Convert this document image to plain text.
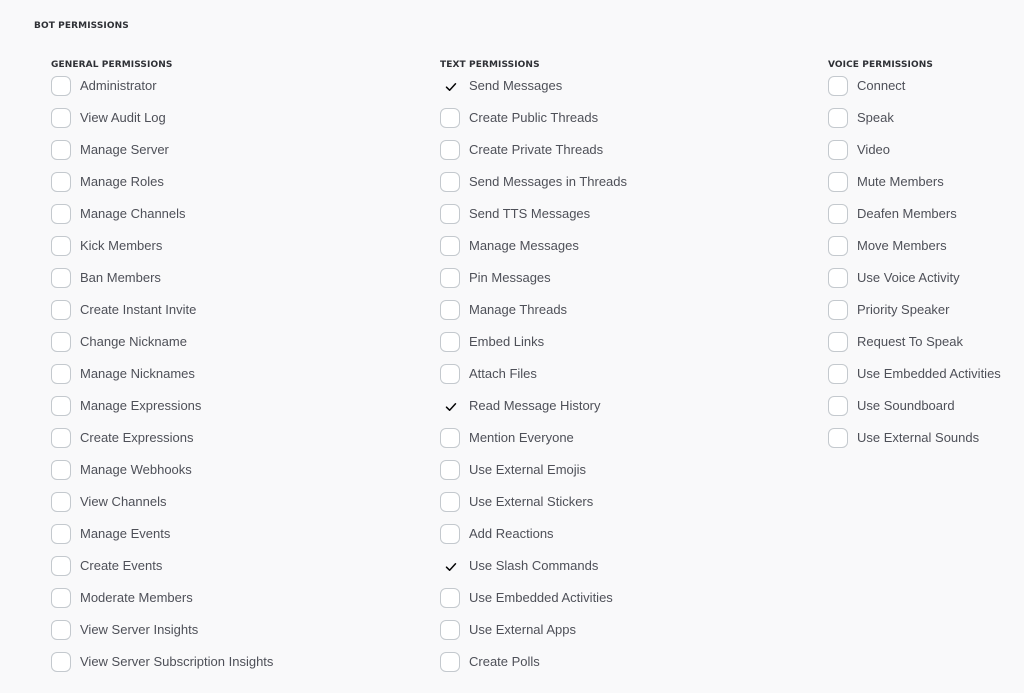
BOT PERMISSIONS
GENERAL PERMISSIONS
Administrator
View Audit Log
Manage Server
Manage Roles
Manage Channels
Kick Members
Ban Members
Create Instant Invite
Change Nickname
Manage Nicknames
Manage Expressions
Create Expressions
Manage Webhooks
View Channels
Manage Events
Create Events
Moderate Members
View Server Insights
View Server Subscription Insights
TEXT PERMISSIONS
Send Messages
Create Public Threads
Create Private Threads
Send Messages in Threads
Send TTS Messages
Manage Messages
Pin Messages
Manage Threads
Embed Links
Attach Files
Read Message History
Mention Everyone
Use External Emojis
Use External Stickers
Add Reactions
Use Slash Commands
Use Embedded Activities
Use External Apps
Create Polls
VOICE PERMISSIONS
Connect
Speak
Video
Mute Members
Deafen Members
Move Members
Use Voice Activity
Priority Speaker
Request To Speak
Use Embedded Activities
Use Soundboard
Use External Sounds
